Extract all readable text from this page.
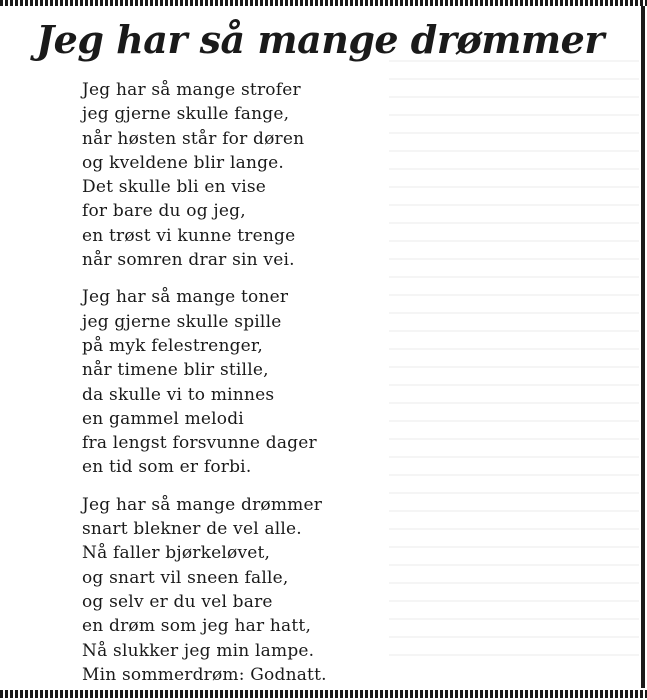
Jeg har så mange drømmer
Jeg har så mange strofer
jeg gjerne skulle fange,
når høsten står for døren
og kveldene blir lange.
Det skulle bli en vise
for bare du og jeg,
en trøst vi kunne trenge
når somren drar sin vei.
Jeg har så mange toner
jeg gjerne skulle spille
på myk felestrenger,
når timene blir stille,
da skulle vi to minnes
en gammel melodi
fra lengst forsvunne dager
en tid som er forbi.
Jeg har så mange drømmer
snart blekner de vel alle.
Nå faller bjørkeløvet,
og snart vil sneen falle,
og selv er du vel bare
en drøm som jeg har hatt,
Nå slukker jeg min lampe.
Min sommerdrøm: Godnatt.
